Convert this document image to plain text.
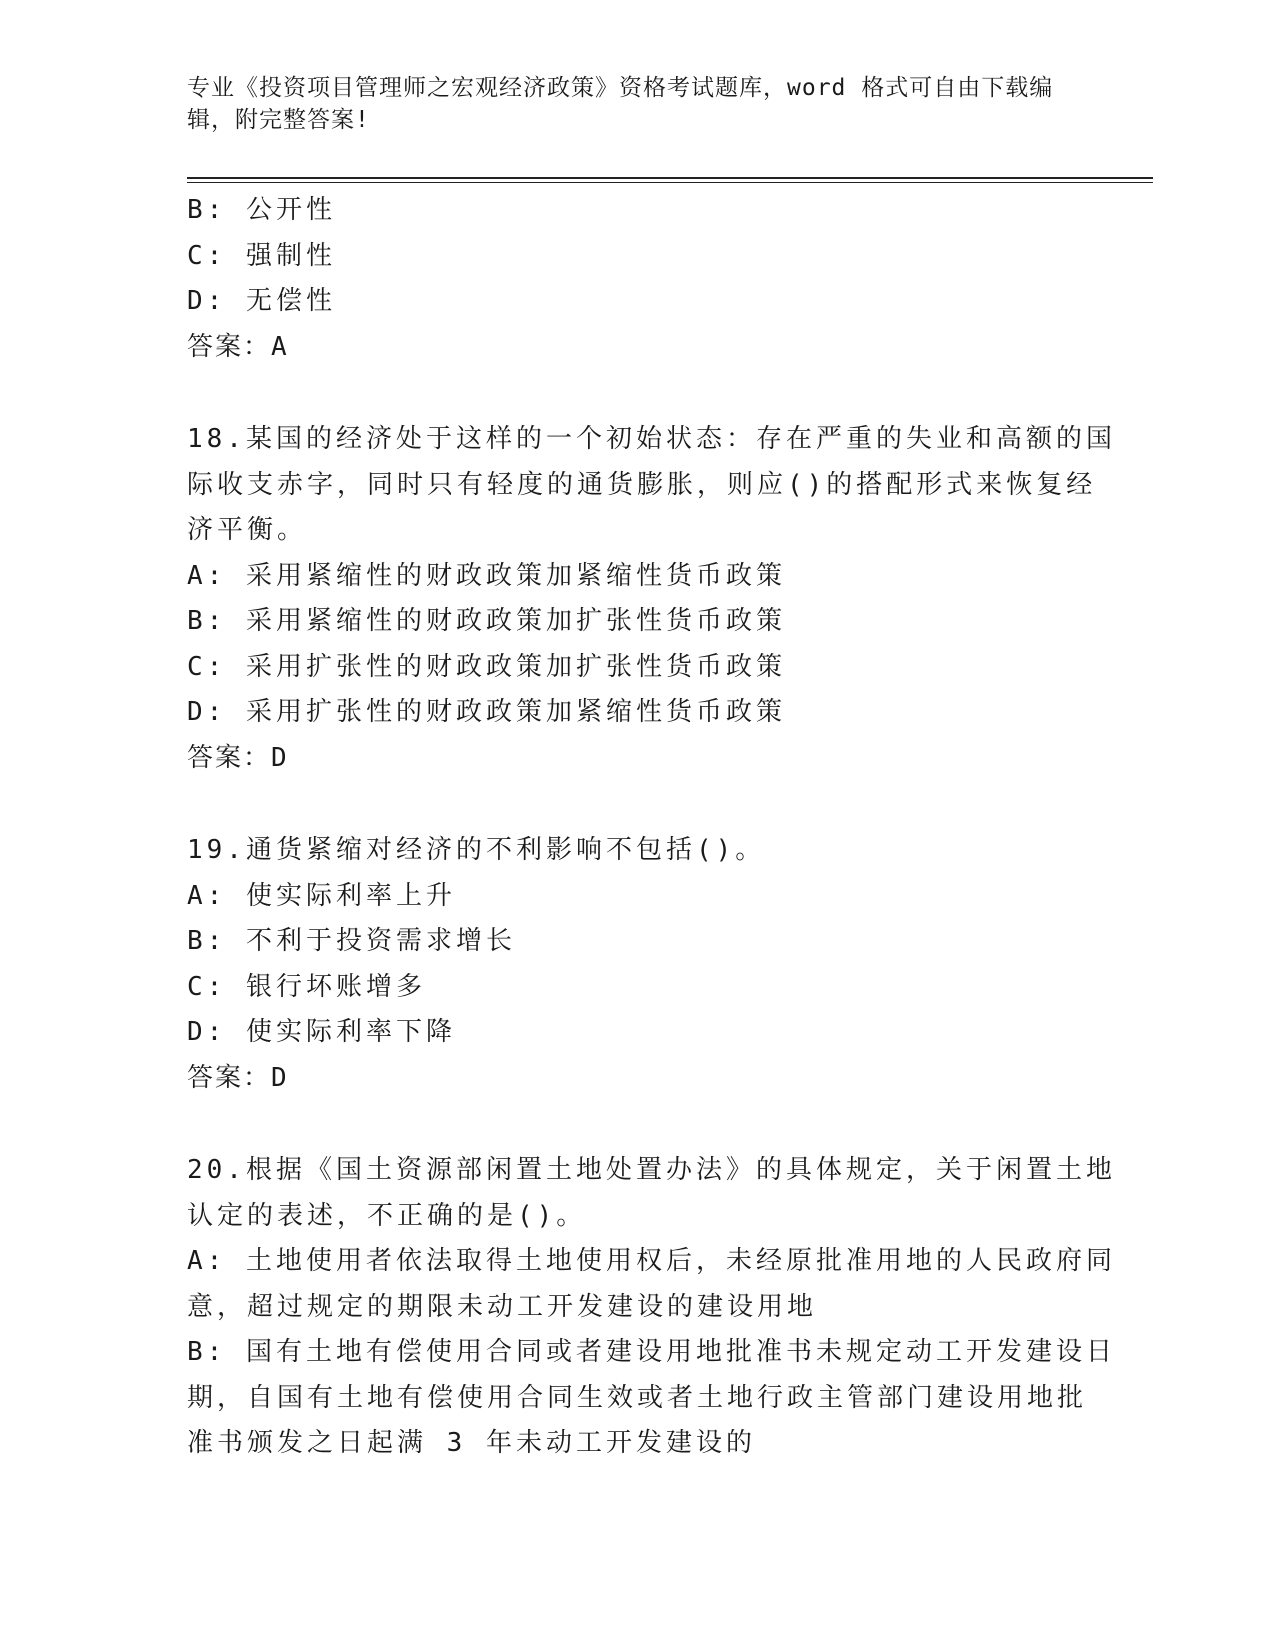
专业《投资项目管理师之宏观经济政策》资格考试题库，word 格式可自由下载编
辑，附完整答案!
B: 公开性
C: 强制性
D: 无偿性
答案：A
18.某国的经济处于这样的一个初始状态：存在严重的失业和高额的国
际收支赤字，同时只有轻度的通货膨胀，则应()的搭配形式来恢复经
济平衡。
A: 采用紧缩性的财政政策加紧缩性货币政策
B: 采用紧缩性的财政政策加扩张性货币政策
C: 采用扩张性的财政政策加扩张性货币政策
D: 采用扩张性的财政政策加紧缩性货币政策
答案：D
19.通货紧缩对经济的不利影响不包括()。
A: 使实际利率上升
B: 不利于投资需求增长
C: 银行坏账增多
D: 使实际利率下降
答案：D
20.根据《国土资源部闲置土地处置办法》的具体规定，关于闲置土地
认定的表述，不正确的是()。
A: 土地使用者依法取得土地使用权后，未经原批准用地的人民政府同
意，超过规定的期限未动工开发建设的建设用地
B: 国有土地有偿使用合同或者建设用地批准书未规定动工开发建设日
期，自国有土地有偿使用合同生效或者土地行政主管部门建设用地批
准书颁发之日起满 3 年未动工开发建设的
